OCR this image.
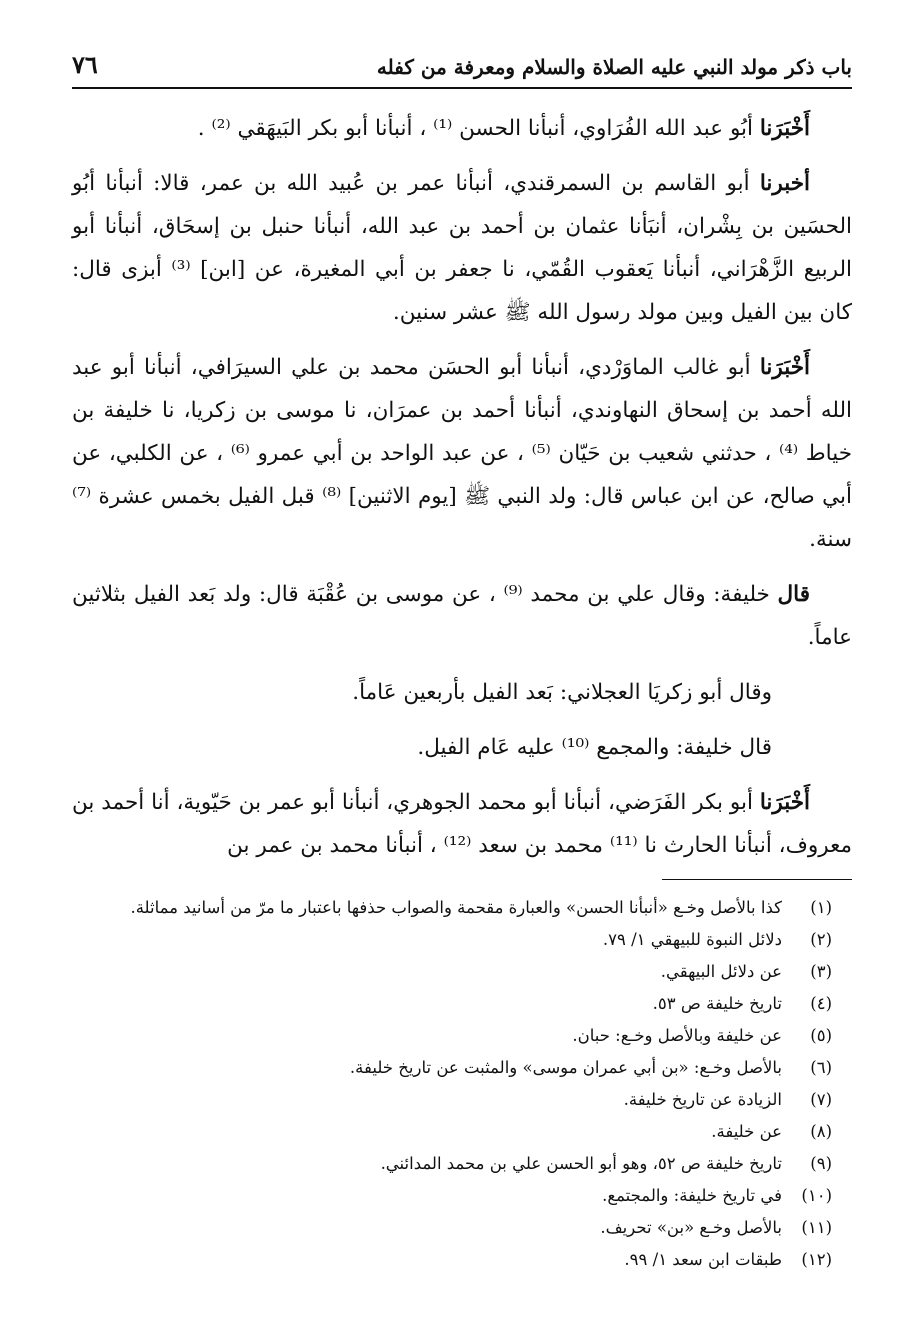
باب ذكر مولد النبي عليه الصلاة والسلام ومعرفة من كفله
٧٦

أَخْبَرَنا أبُو عبد الله الفُرَاوي، أنبأنا الحسن ⁽¹⁾ ، أنبأنا أبو بكر البَيهَقي ⁽²⁾ .

أخبرنا أبو القاسم بن السمرقندي، أنبأنا عمر بن عُبيد الله بن عمر، قالا: أنبأنا أبُو الحسَين بن بِشْران، أنبَأنا عثمان بن أحمد بن عبد الله، أنبأنا حنبل بن إسحَاق، أنبأنا أبو الربيع الزَّهْرَاني، أنبأنا يَعقوب القُمّي، نا جعفر بن أبي المغيرة، عن [ابن] ⁽³⁾ أبزى قال: كان بين الفيل وبين مولد رسول الله ﷺ عشر سنين.

أَخْبَرَنا أبو غالب الماوَرْدي، أنبأنا أبو الحسَن محمد بن علي السيرَافي، أنبأنا أبو عبد الله أحمد بن إسحاق النهاوندي، أنبأنا أحمد بن عمرَان، نا موسى بن زكريا، نا خليفة بن خياط ⁽⁴⁾ ، حدثني شعيب بن حَيّان ⁽⁵⁾ ، عن عبد الواحد بن أبي عمرو ⁽⁶⁾ ، عن الكلبي، عن أبي صالح، عن ابن عباس قال: ولد النبي ﷺ [يوم الاثنين] ⁽⁸⁾ قبل الفيل بخمس عشرة ⁽⁷⁾ سنة.

قال خليفة: وقال علي بن محمد ⁽⁹⁾ ، عن موسى بن عُقْبَة قال: ولد بَعد الفيل بثلاثين عاماً.

وقال أبو زكريَا العجلاني: بَعد الفيل بأربعين عَاماً.

قال خليفة: والمجمع ⁽¹⁰⁾ عليه عَام الفيل.

أَخْبَرَنا أبو بكر الفَرَضي، أنبأنا أبو محمد الجوهري، أنبأنا أبو عمر بن حَيّوية، أنا أحمد بن معروف، أنبأنا الحارث نا ⁽¹¹⁾ محمد بن سعد ⁽¹²⁾ ، أنبأنا محمد بن عمر بن

(١)
كذا بالأصل وخـع «أنبأنا الحسن» والعبارة مقحمة والصواب حذفها باعتبار ما مرّ من أسانيد مماثلة.
(٢)
دلائل النبوة للبيهقي ١/ ٧٩.
(٣)
عن دلائل البيهقي.
(٤)
تاريخ خليفة ص ٥٣.
(٥)
عن خليفة وبالأصل وخـع: حبان.
(٦)
بالأصل وخـع: «بن أبي عمران موسى» والمثبت عن تاريخ خليفة.
(٧)
الزيادة عن تاريخ خليفة.
(٨)
عن خليفة.
(٩)
تاريخ خليفة ص ٥٢، وهو أبو الحسن علي بن محمد المدائني.
(١٠)
في تاريخ خليفة: والمجتمع.
(١١)
بالأصل وخـع «بن» تحريف.
(١٢)
طبقات ابن سعد ١/ ٩٩.
